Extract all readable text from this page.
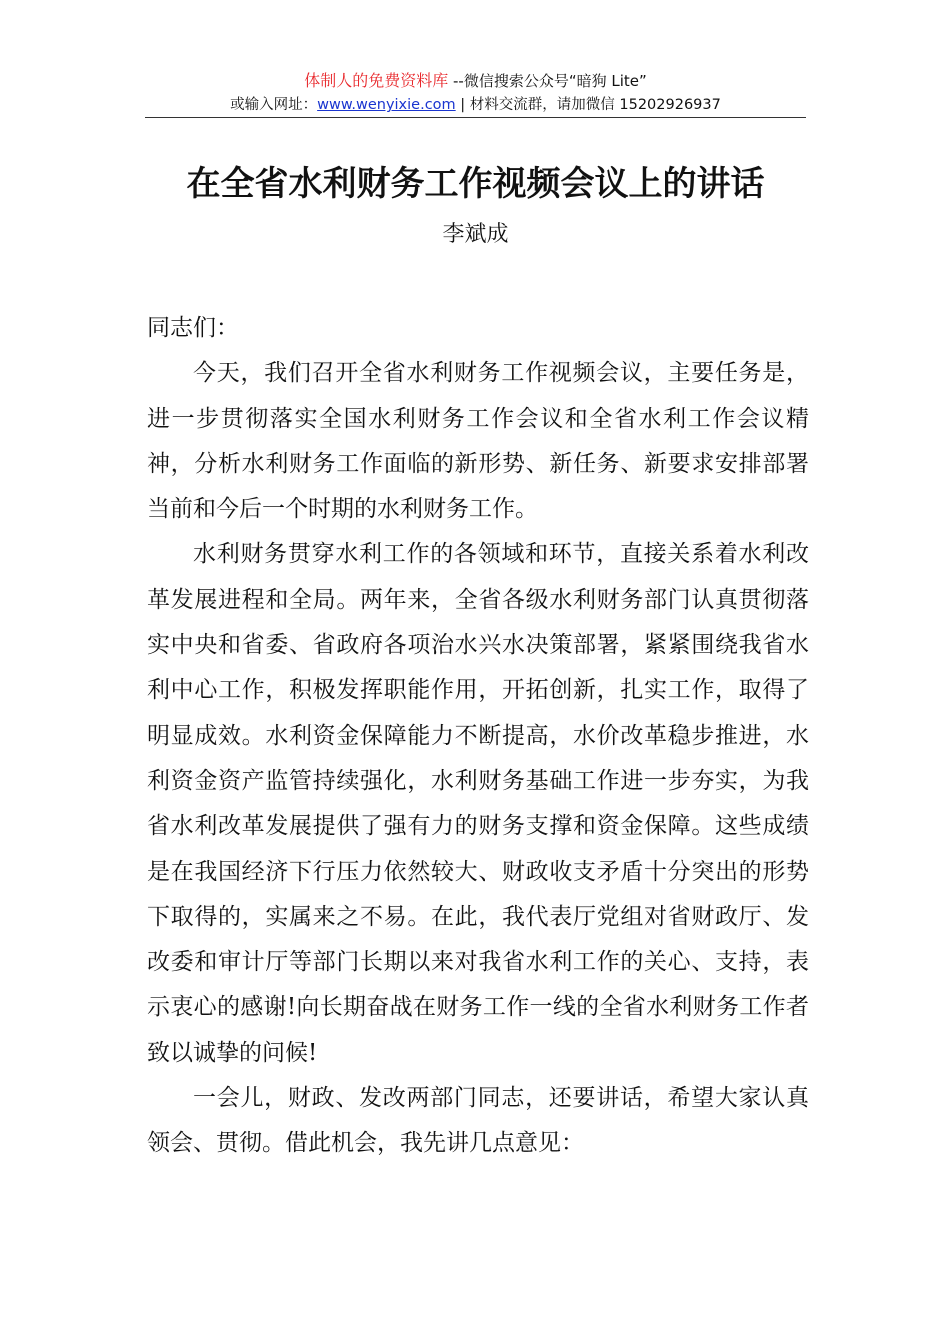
体制人的免费资料库 --微信搜索公众号“暗狗 Lite”
或输入网址：www.wenyixie.com | 材料交流群，请加微信 15202926937
在全省水利财务工作视频会议上的讲话
李斌成

同志们：

今天，我们召开全省水利财务工作视频会议，主要任务是，进一步贯彻落实全国水利财务工作会议和全省水利工作会议精神，分析水利财务工作面临的新形势、新任务、新要求安排部署当前和今后一个时期的水利财务工作。

水利财务贯穿水利工作的各领域和环节，直接关系着水利改革发展进程和全局。两年来，全省各级水利财务部门认真贯彻落实中央和省委、省政府各项治水兴水决策部署，紧紧围绕我省水利中心工作，积极发挥职能作用，开拓创新，扎实工作，取得了明显成效。水利资金保障能力不断提高，水价改革稳步推进，水利资金资产监管持续强化，水利财务基础工作进一步夯实，为我省水利改革发展提供了强有力的财务支撑和资金保障。这些成绩是在我国经济下行压力依然较大、财政收支矛盾十分突出的形势下取得的，实属来之不易。在此，我代表厅党组对省财政厅、发改委和审计厅等部门长期以来对我省水利工作的关心、支持，表示衷心的感谢!向长期奋战在财务工作一线的全省水利财务工作者致以诚挚的问候!

一会儿，财政、发改两部门同志，还要讲话，希望大家认真领会、贯彻。借此机会，我先讲几点意见：
